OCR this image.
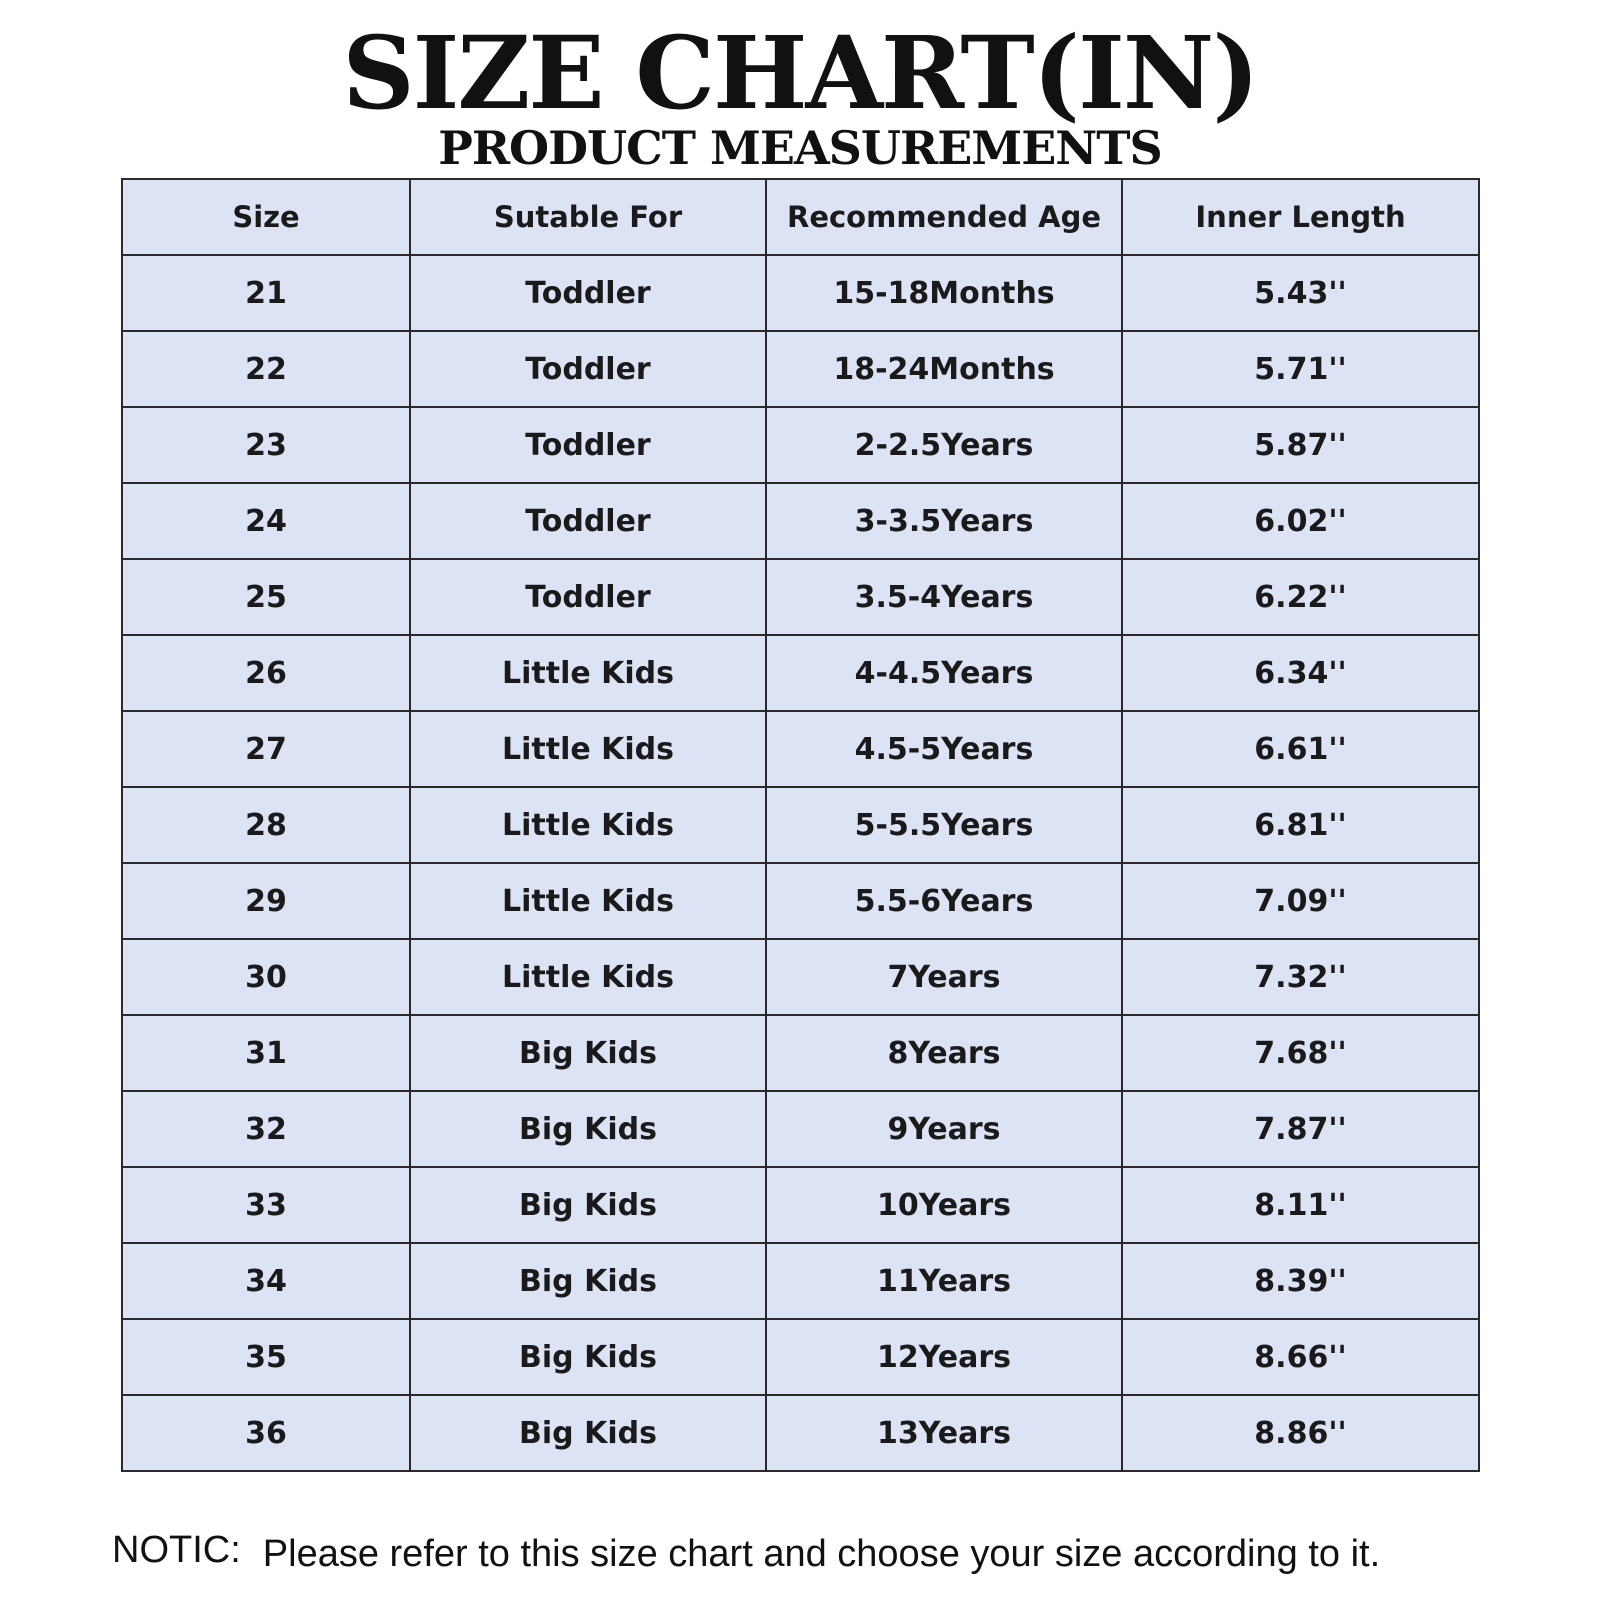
SIZE CHART(IN)
PRODUCT MEASUREMENTS
Size	Sutable For	Recommended Age	Inner Length
21	Toddler	15-18Months	5.43''
22	Toddler	18-24Months	5.71''
23	Toddler	2-2.5Years	5.87''
24	Toddler	3-3.5Years	6.02''
25	Toddler	3.5-4Years	6.22''
26	Little Kids	4-4.5Years	6.34''
27	Little Kids	4.5-5Years	6.61''
28	Little Kids	5-5.5Years	6.81''
29	Little Kids	5.5-6Years	7.09''
30	Little Kids	7Years	7.32''
31	Big Kids	8Years	7.68''
32	Big Kids	9Years	7.87''
33	Big Kids	10Years	8.11''
34	Big Kids	11Years	8.39''
35	Big Kids	12Years	8.66''
36	Big Kids	13Years	8.86''
NOTIC: Please refer to this size chart and choose your size according to it.
